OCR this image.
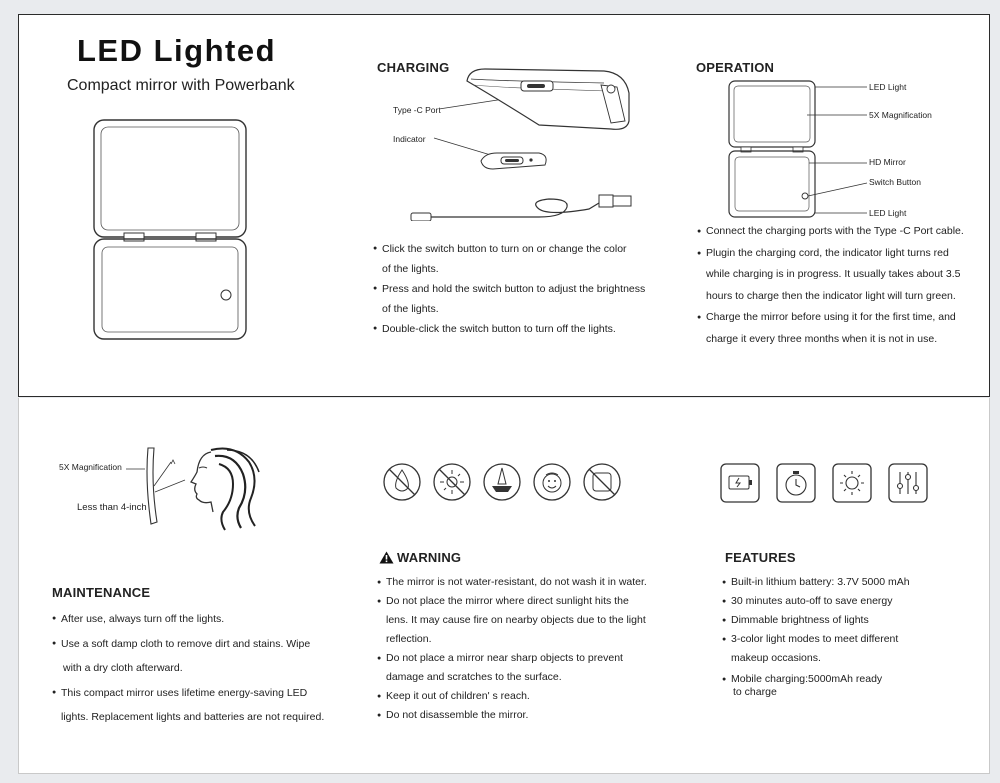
LED Lighted
Compact mirror with Powerbank
CHARGING
Type -C Port
Indicator
● Click the switch button to turn on or change the color
of the lights.
● Press and hold the switch button to adjust the brightness
of the lights.
● Double-click the switch button to turn off the lights.
OPERATION
LED Light
5X Magnification
HD Mirror
Switch Button
LED Light
● Connect the charging ports with the Type -C Port cable.
● Plugin the charging cord, the indicator light turns red
while charging is in progress. It usually takes about 3.5
hours to charge then the indicator light will turn green.
● Charge the mirror before using it for the first time, and
charge it every three months when it is not in use.
5X Magnification
Less than 4-inch
MAINTENANCE
● After use, always turn off the lights.
● Use a soft damp cloth to remove dirt and stains. Wipe
with a dry cloth afterward.
● This compact mirror uses lifetime energy-saving LED
lights. Replacement lights and batteries are not required.
WARNING
● The mirror is not water-resistant, do not wash it in water.
● Do not place the mirror where direct sunlight hits the
lens. It may cause fire on nearby objects due to the light
reflection.
● Do not place a mirror near sharp objects to prevent
damage and scratches to the surface.
● Keep it out of children' s reach.
● Do not disassemble the mirror.
FEATURES
● Built-in lithium battery: 3.7V 5000 mAh
● 30 minutes auto-off to save energy
● Dimmable brightness of lights
● 3-color light modes to meet different
makeup occasions.
● Mobile charging:5000mAh ready
to charge
